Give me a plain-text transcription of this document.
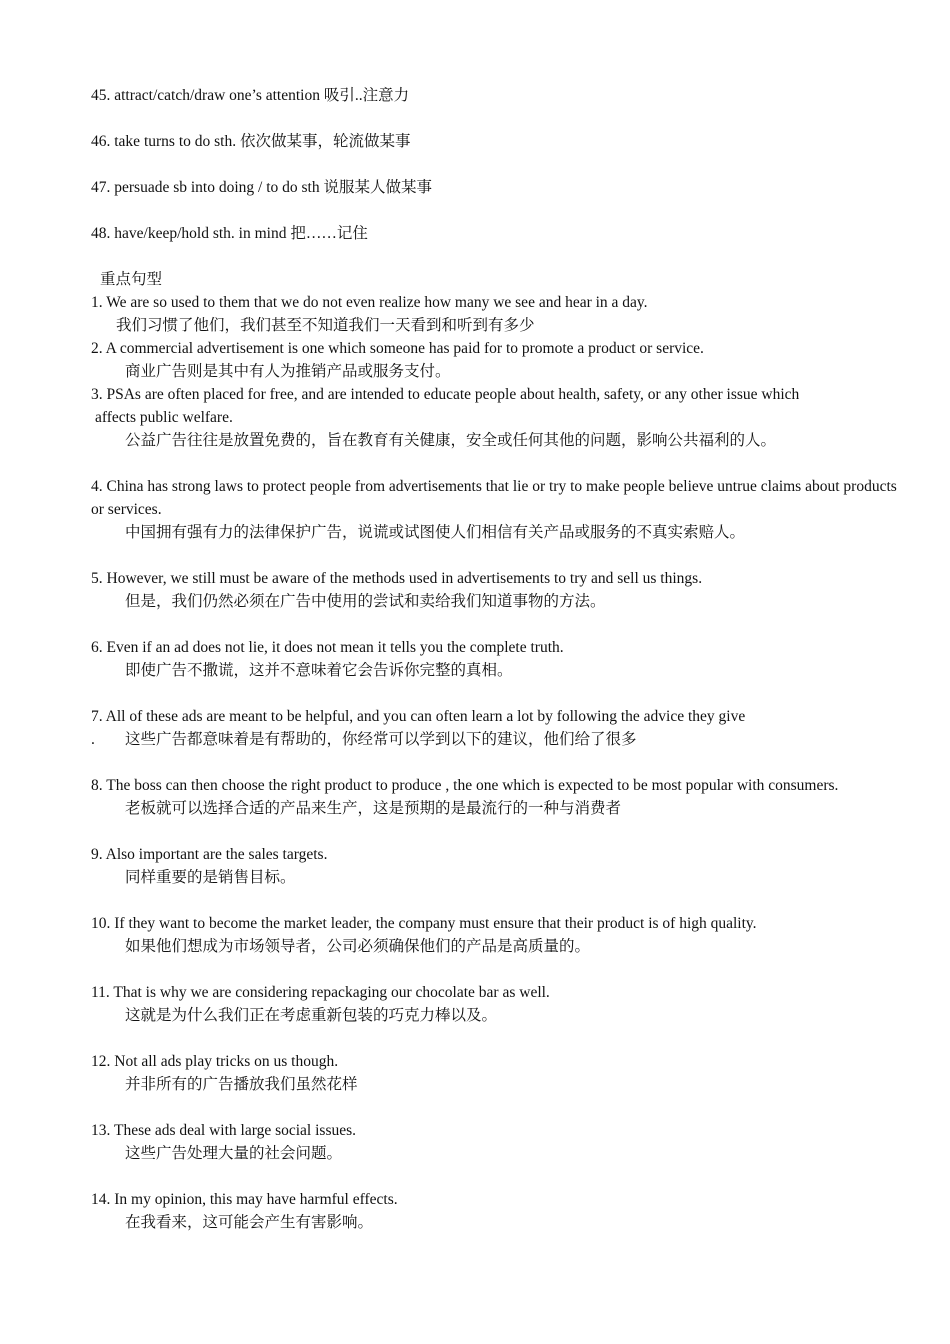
45. attract/catch/draw one’s attention 吸引..注意力
46. take turns to do sth. 依次做某事，轮流做某事
47. persuade sb into doing / to do sth 说服某人做某事
48. have/keep/hold sth. in mind 把……记住
重点句型
1. We are so used to them that we do not even realize how many we see and hear in a day.
我们习惯了他们，我们甚至不知道我们一天看到和听到有多少
2. A commercial advertisement is one which someone has paid for to promote a product or service.
商业广告则是其中有人为推销产品或服务支付。
3. PSAs are often placed for free, and are intended to educate people about health, safety, or any other issue which
affects public welfare.
公益广告往往是放置免费的，旨在教育有关健康，安全或任何其他的问题，影响公共福利的人。
4. China has strong laws to protect people from advertisements that lie or try to make people believe untrue claims about products or services.
中国拥有强有力的法律保护广告，说谎或试图使人们相信有关产品或服务的不真实索赔人。
5. However, we still must be aware of the methods used in advertisements to try and sell us things.
但是，我们仍然必须在广告中使用的尝试和卖给我们知道事物的方法。
6. Even if an ad does not lie, it does not mean it tells you the complete truth.
即使广告不撒谎，这并不意味着它会告诉你完整的真相。
7. All of these ads are meant to be helpful, and you can often learn a lot by following the advice they give
. 这些广告都意味着是有帮助的，你经常可以学到以下的建议，他们给了很多
8. The boss can then choose the right product to produce , the one which is expected to be most popular with consumers.
老板就可以选择合适的产品来生产，这是预期的是最流行的一种与消费者
9. Also important are the sales targets.
同样重要的是销售目标。
10. If they want to become the market leader, the company must ensure that their product is of high quality.
如果他们想成为市场领导者，公司必须确保他们的产品是高质量的。
11. That is why we are considering repackaging our chocolate bar as well.
这就是为什么我们正在考虑重新包装的巧克力棒以及。
12. Not all ads play tricks on us though.
并非所有的广告播放我们虽然花样
13. These ads deal with large social issues.
这些广告处理大量的社会问题。
14. In my opinion, this may have harmful effects.
在我看来，这可能会产生有害影响。
